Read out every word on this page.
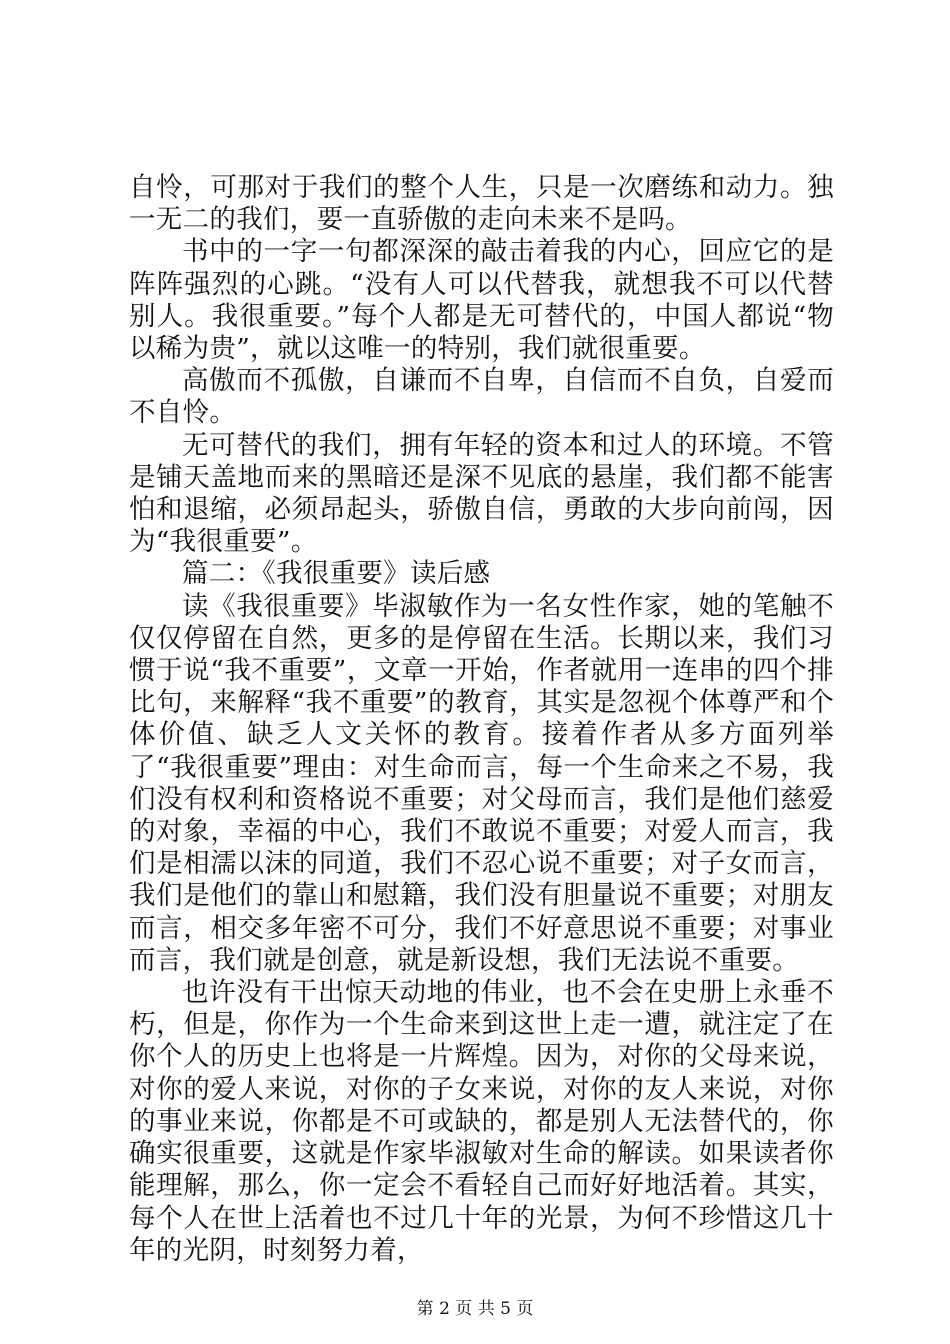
自怜，可那对于我们的整个人生，只是一次磨练和动力。独一无二的我们，要一直骄傲的走向未来不是吗。

书中的一字一句都深深的敲击着我的内心，回应它的是阵阵强烈的心跳。“没有人可以代替我，就想我不可以代替别人。我很重要。”每个人都是无可替代的，中国人都说“物以稀为贵”，就以这唯一的特别，我们就很重要。

高傲而不孤傲，自谦而不自卑，自信而不自负，自爱而不自怜。

无可替代的我们，拥有年轻的资本和过人的环境。不管是铺天盖地而来的黑暗还是深不见底的悬崖，我们都不能害怕和退缩，必须昂起头，骄傲自信，勇敢的大步向前闯，因为“我很重要”。

篇二：《我很重要》读后感

读《我很重要》毕淑敏作为一名女性作家，她的笔触不仅仅停留在自然，更多的是停留在生活。长期以来，我们习惯于说“我不重要”，文章一开始，作者就用一连串的四个排比句，来解释“我不重要”的教育，其实是忽视个体尊严和个体价值、缺乏人文关怀的教育。接着作者从多方面列举了“我很重要”理由：对生命而言，每一个生命来之不易，我们没有权利和资格说不重要；对父母而言，我们是他们慈爱的对象，幸福的中心，我们不敢说不重要；对爱人而言，我们是相濡以沫的同道，我们不忍心说不重要；对子女而言，我们是他们的靠山和慰籍，我们没有胆量说不重要；对朋友而言，相交多年密不可分，我们不好意思说不重要；对事业而言，我们就是创意，就是新设想，我们无法说不重要。

也许没有干出惊天动地的伟业，也不会在史册上永垂不朽，但是，你作为一个生命来到这世上走一遭，就注定了在你个人的历史上也将是一片辉煌。因为，对你的父母来说，对你的爱人来说，对你的子女来说，对你的友人来说，对你的事业来说，你都是不可或缺的，都是别人无法替代的，你确实很重要，这就是作家毕淑敏对生命的解读。如果读者你能理解，那么，你一定会不看轻自己而好好地活着。其实，每个人在世上活着也不过几十年的光景，为何不珍惜这几十年的光阴，时刻努力着，

第 2 页 共 5 页
